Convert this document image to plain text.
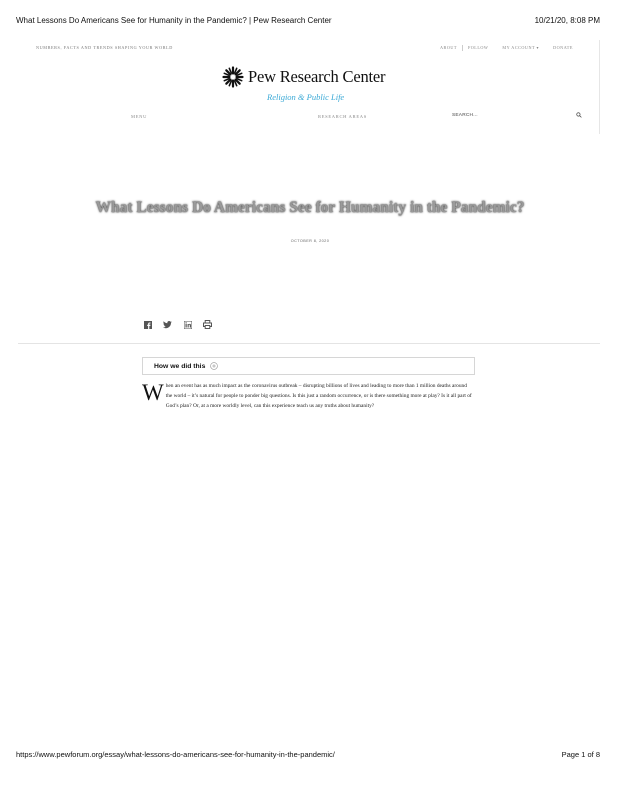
What Lessons Do Americans See for Humanity in the Pandemic? | Pew Research Center	10/21/20, 8:08 PM
NUMBERS, FACTS AND TRENDS SHAPING YOUR WORLD	ABOUT	FOLLOW	MY ACCOUNT ▾	DONATE
Pew Research Center
Religion & Public Life
MENU	RESEARCH AREAS	SEARCH...
What Lessons Do Americans See for Humanity in the Pandemic?
OCTOBER 8, 2020
How we did this
When an event has as much impact as the coronavirus outbreak – disrupting billions of lives and leading to more than 1 million deaths around the world – it’s natural for people to ponder big questions. Is this just a random occurrence, or is there something more at play? Is it all part of God’s plan? Or, at a more worldly level, can this experience teach us any truths about humanity?
https://www.pewforum.org/essay/what-lessons-do-americans-see-for-humanity-in-the-pandemic/	Page 1 of 8
